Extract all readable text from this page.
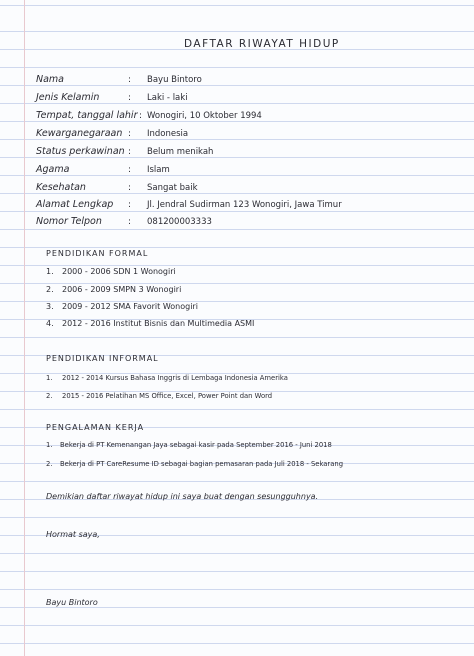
DAFTAR RIWAYAT HIDUP
Nama	: Bayu Bintoro
Jenis Kelamin	: Laki - laki
Tempat, tanggal lahir : Wonogiri, 10 Oktober 1994
Kewarganegaraan : Indonesia
Status perkawinan : Belum menikah
Agama	: Islam
Kesehatan	: Sangat baik
Alamat Lengkap : Jl. Jendral Sudirman 123 Wonogiri, Jawa Timur
Nomor Telpon	: 081200003333
PENDIDIKAN FORMAL
1. 2000 - 2006 SDN 1 Wonogiri
2. 2006 - 2009 SMPN 3 Wonogiri
3. 2009 - 2012 SMA Favorit Wonogiri
4. 2012 - 2016 Institut Bisnis dan Multimedia ASMI
PENDIDIKAN INFORMAL
1. 2012 - 2014 Kursus Bahasa Inggris di Lembaga Indonesia Amerika
2. 2015 - 2016 Pelatihan MS Office, Excel, Power Point dan Word
PENGALAMAN KERJA
1. Bekerja di PT Kemenangan Jaya sebagai kasir pada September 2016 - Juni 2018
2. Bekerja di PT CareResume ID sebagai bagian pemasaran pada Juli 2018 - Sekarang
Demikian daftar riwayat hidup ini saya buat dengan sesungguhnya.
Hormat saya,
Bayu Bintoro
